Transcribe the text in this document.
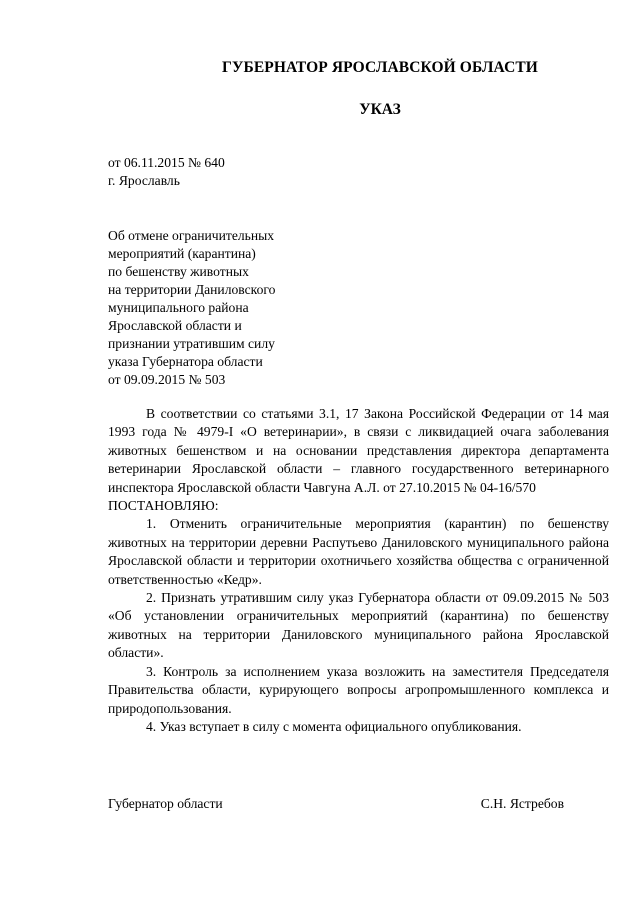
ГУБЕРНАТОР ЯРОСЛАВСКОЙ ОБЛАСТИ
УКАЗ
от 06.11.2015 № 640
г. Ярославль
Об отмене ограничительных
мероприятий (карантина)
по бешенству животных
на территории Даниловского
муниципального района
Ярославской области и
признании утратившим силу
указа Губернатора области
от 09.09.2015 № 503

В соответствии со статьями 3.1, 17 Закона Российской Федерации от 14 мая 1993 года № 4979-I «О ветеринарии», в связи с ликвидацией очага заболевания животных бешенством и на основании представления директора департамента ветеринарии Ярославской области – главного государственного ветеринарного инспектора Ярославской области Чавгуна А.Л. от 27.10.2015 № 04-16/570

ПОСТАНОВЛЯЮ:

1. Отменить ограничительные мероприятия (карантин) по бешенству животных на территории деревни Распутьево Даниловского муниципального района Ярославской области и территории охотничьего хозяйства общества с ограниченной ответственностью «Кедр».

2. Признать утратившим силу указ Губернатора области от 09.09.2015 № 503 «Об установлении ограничительных мероприятий (карантина) по бешенству животных на территории Даниловского муниципального района Ярославской области».

3. Контроль за исполнением указа возложить на заместителя Председателя Правительства области, курирующего вопросы агропромышленного комплекса и природопользования.

4. Указ вступает в силу с момента официального опубликования.

Губернатор области	С.Н. Ястребов
